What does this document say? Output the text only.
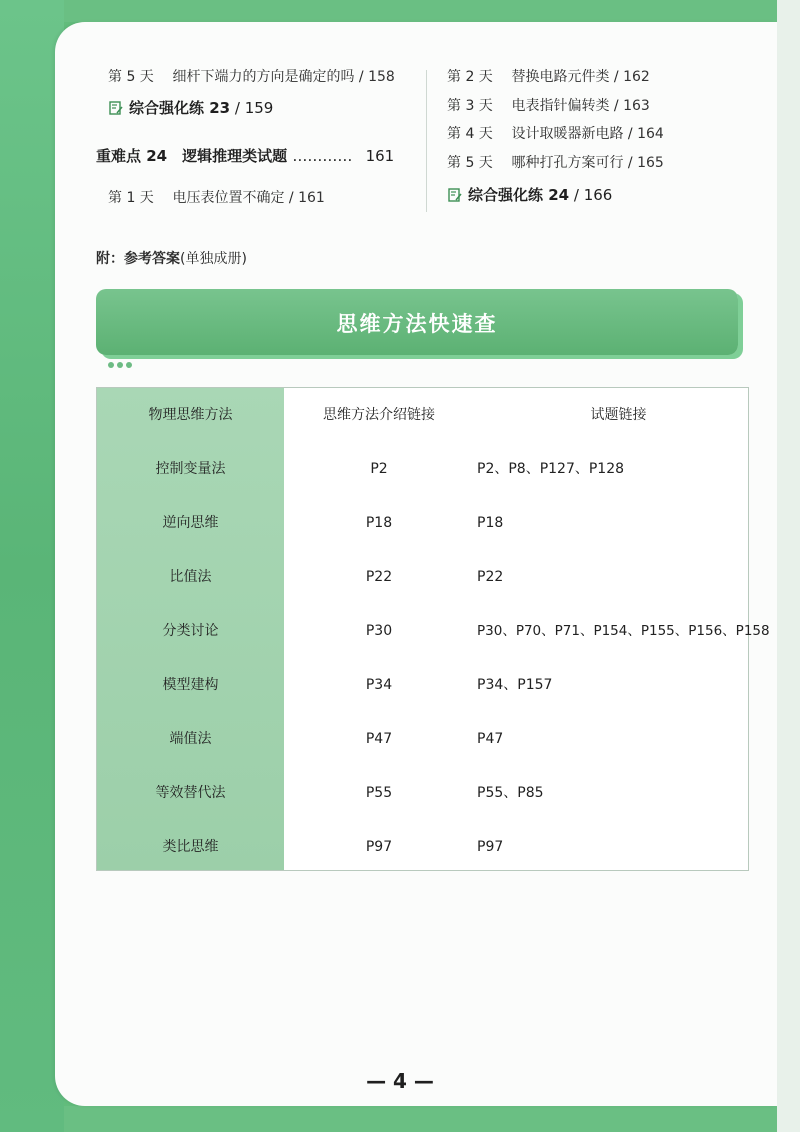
第 5 天 细杆下端力的方向是确定的吗 / 158
综合强化练 23 / 159
重难点 24　逻辑推理类试题 ………… 161
第 1 天 电压表位置不确定 / 161
第 2 天 替换电路元件类 / 162
第 3 天 电表指针偏转类 / 163
第 4 天 设计取暖器新电路 / 164
第 5 天 哪种打孔方案可行 / 165
综合强化练 24 / 166
附：参考答案(单独成册)
思维方法快速查
物理思维方法	思维方法介绍链接	试题链接
控制变量法	P2	P2、P8、P127、P128
逆向思维	P18	P18
比值法	P22	P22
分类讨论	P30	P30、P70、P71、P154、P155、P156、P158
模型建构	P34	P34、P157
端值法	P47	P47
等效替代法	P55	P55、P85
类比思维	P97	P97
— 4 —
